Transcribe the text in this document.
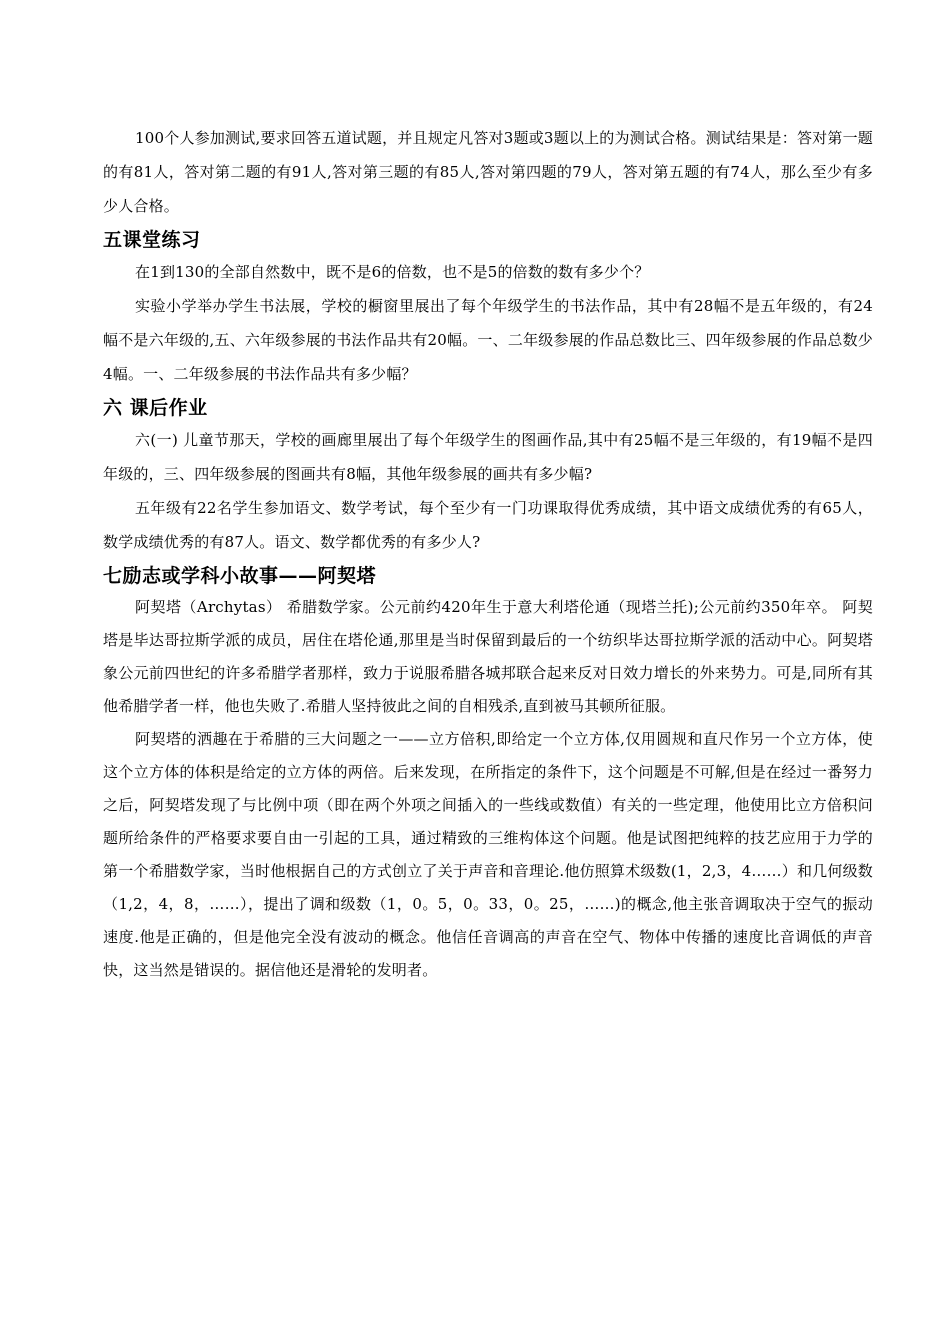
100个人参加测试,要求回答五道试题，并且规定凡答对3题或3题以上的为测试合格。测试结果是：答对第一题的有81人，答对第二题的有91人,答对第三题的有85人,答对第四题的79人，答对第五题的有74人，那么至少有多少人合格。

五课堂练习

在1到130的全部自然数中，既不是6的倍数，也不是5的倍数的数有多少个？

实验小学举办学生书法展，学校的橱窗里展出了每个年级学生的书法作品，其中有28幅不是五年级的，有24幅不是六年级的,五、六年级参展的书法作品共有20幅。一、二年级参展的作品总数比三、四年级参展的作品总数少4幅。一、二年级参展的书法作品共有多少幅？

六 课后作业

六(一) 儿童节那天，学校的画廊里展出了每个年级学生的图画作品,其中有25幅不是三年级的，有19幅不是四年级的，三、四年级参展的图画共有8幅，其他年级参展的画共有多少幅?

五年级有22名学生参加语文、数学考试，每个至少有一门功课取得优秀成绩，其中语文成绩优秀的有65人，数学成绩优秀的有87人。语文、数学都优秀的有多少人?

七励志或学科小故事——阿契塔

阿契塔（Archytas） 希腊数学家。公元前约420年生于意大利塔伦通（现塔兰托);公元前约350年卒。 阿契塔是毕达哥拉斯学派的成员，居住在塔伦通,那里是当时保留到最后的一个纺织毕达哥拉斯学派的活动中心。阿契塔象公元前四世纪的许多希腊学者那样，致力于说服希腊各城邦联合起来反对日效力增长的外来势力。可是,同所有其他希腊学者一样，他也失败了.希腊人坚持彼此之间的自相残杀,直到被马其顿所征服。

阿契塔的洒趣在于希腊的三大问题之一——立方倍积,即给定一个立方体,仅用圆规和直尺作另一个立方体，使这个立方体的体积是给定的立方体的两倍。后来发现，在所指定的条件下，这个问题是不可解,但是在经过一番努力之后，阿契塔发现了与比例中项（即在两个外项之间插入的一些线或数值）有关的一些定理，他使用比立方倍积问题所给条件的严格要求要自由一引起的工具，通过精致的三维构体这个问题。他是试图把纯粹的技艺应用于力学的第一个希腊数学家，当时他根据自己的方式创立了关于声音和音理论.他仿照算术级数(1，2,3，4……）和几何级数（1,2，4，8，……），提出了调和级数（1，0。5，0。33，0。25，……)的概念,他主张音调取决于空气的振动速度.他是正确的，但是他完全没有波动的概念。他信任音调高的声音在空气、物体中传播的速度比音调低的声音快，这当然是错误的。据信他还是滑轮的发明者。
